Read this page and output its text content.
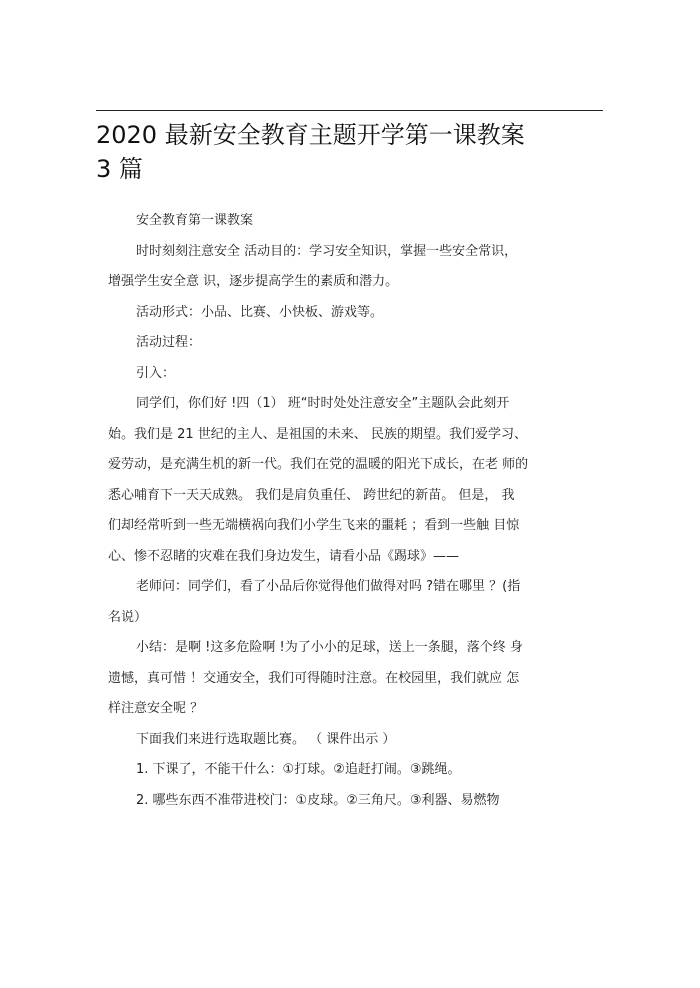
2020 最新安全教育主题开学第一课教案
3 篇

安全教育第一课教案

时时刻刻注意安全 活动目的：学习安全知识，掌握一些安全常识，
增强学生安全意 识，逐步提高学生的素质和潜力。

活动形式：小品、比赛、小快板、游戏等。

活动过程：

引入：

同学们，你们好 !四（1） 班“时时处处注意安全”主题队会此刻开
始。我们是 21 世纪的主人、是祖国的未来、 民族的期望。我们爱学习、
爱劳动，是充满生机的新一代。我们在党的温暖的阳光下成长，在老 师的
悉心哺育下一天天成熟。 我们是肩负重任、 跨世纪的新苗。 但是， 我
们却经常听到一些无端横祸向我们小学生飞来的噩耗 ；看到一些触 目惊
心、惨不忍睹的灾难在我们身边发生，请看小品《踢球》——

老师问：同学们，看了小品后你觉得他们做得对吗 ?错在哪里 ？(指
名说）

小结：是啊 !这多危险啊 !为了小小的足球，送上一条腿，落个终 身
遗憾，真可惜 ！交通安全，我们可得随时注意。在校园里，我们就应 怎
样注意安全呢 ？

下面我们来进行选取题比赛。 （ 课件出示 ）

1. 下课了，不能干什么：①打球。②追赶打闹。③跳绳。

2. 哪些东西不准带进校门：①皮球。②三角尺。③利器、易燃物
